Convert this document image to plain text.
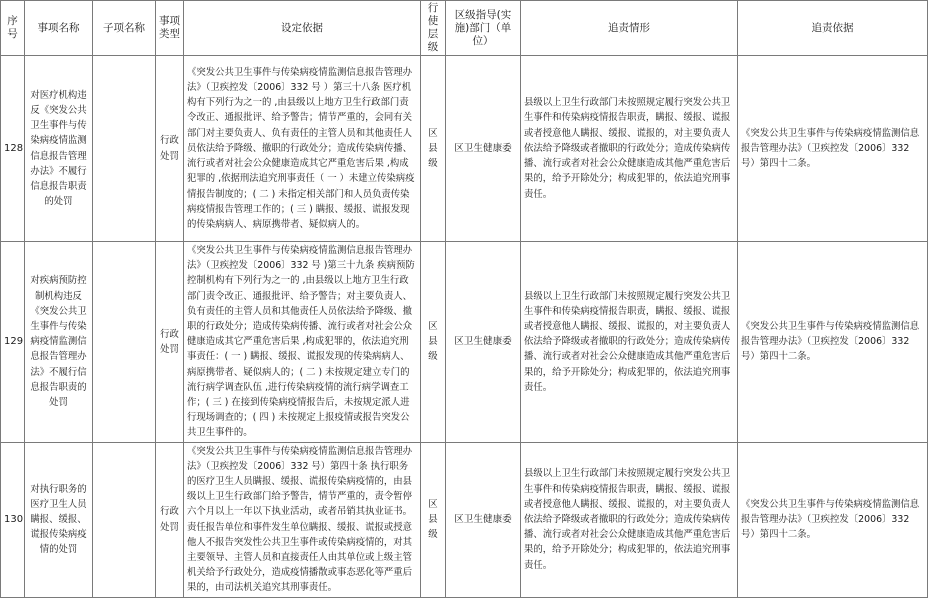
序号	事项名称	子项名称	事项类型	设定依据	行使层级	区级指导(实施)部门（单位）	追责情形	追责依据
128	对医疗机构违反《突发公共卫生事件与传染病疫情监测信息报告管理办法》不履行信息报告职责的处罚		行政处罚	《突发公共卫生事件与传染病疫情监测信息报告管理办法》（卫疾控发〔2006〕332 号 ）第三十八条 医疗机构有下列行为之一的 ,由县级以上地方卫生行政部门责令改正、通报批评、给予警告；情节严重的，会同有关部门对主要负责人、负有责任的主管人员和其他责任人员依法给予降级、撤职的行政处分；造成传染病传播、流行或者对社会公众健康造成其它严重危害后果 ,构成犯罪的 ,依据刑法追究刑事责任（ 一 ）未建立传染病疫情报告制度的；( 二 ) 未指定相关部门和人员负责传染病疫情报告管理工作的；( 三 ) 瞒报、缓报、谎报发现的传染病病人、病原携带者、疑似病人的。	区县级	区卫生健康委	县级以上卫生行政部门未按照规定履行突发公共卫生事件和传染病疫情报告职责，瞒报、缓报、谎报或者授意他人瞒报、缓报、谎报的，对主要负责人依法给予降级或者撤职的行政处分；造成传染病传播、流行或者对社会公众健康造成其他严重危害后果的，给予开除处分；构成犯罪的，依法追究刑事责任。	《突发公共卫生事件与传染病疫情监测信息报告管理办法》（卫疾控发〔2006〕332 号）第四十二条。
129	对疾病预防控制机构违反《突发公共卫生事件与传染病疫情监测信息报告管理办法》不履行信息报告职责的处罚		行政处罚	《突发公共卫生事件与传染病疫情监测信息报告管理办法》（卫疾控发〔2006〕332 号 )第三十九条 疾病预防控制机构有下列行为之一的 ,由县级以上地方卫生行政部门责令改正、通报批评、给予警告；对主要负责人、负有责任的主管人员和其他责任人员依法给予降级、撤职的行政处分；造成传染病传播、流行或者对社会公众健康造成其它严重危害后果 ,构成犯罪的，依法追究刑事责任：( 一 ) 瞒报、缓报、谎报发现的传染病病人、病原携带者、疑似病人的；( 二 ) 未按规定建立专门的流行病学调查队伍 ,进行传染病疫情的流行病学调查工作；( 三 ) 在接到传染病疫情报告后，未按规定派人进行现场调查的；( 四 ) 未按规定上报疫情或报告突发公共卫生事件的。	区县级	区卫生健康委	县级以上卫生行政部门未按照规定履行突发公共卫生事件和传染病疫情报告职责，瞒报、缓报、谎报或者授意他人瞒报、缓报、谎报的，对主要负责人依法给予降级或者撤职的行政处分；造成传染病传播、流行或者对社会公众健康造成其他严重危害后果的，给予开除处分；构成犯罪的，依法追究刑事责任。	《突发公共卫生事件与传染病疫情监测信息报告管理办法》（卫疾控发〔2006〕332 号）第四十二条。
130	对执行职务的医疗卫生人员瞒报、缓报、谎报传染病疫情的处罚		行政处罚	《突发公共卫生事件与传染病疫情监测信息报告管理办法》（卫疾控发〔2006〕332 号）第四十条 执行职务的医疗卫生人员瞒报、缓报、谎报传染病疫情的，由县级以上卫生行政部门给予警告，情节严重的，责令暂停六个月以上一年以下执业活动，或者吊销其执业证书。责任报告单位和事件发生单位瞒报、缓报、谎报或授意他人不报告突发性公共卫生事件或传染病疫情的，对其主要领导、主管人员和直接责任人由其单位或上级主管机关给予行政处分，造成疫情播散或事态恶化等严重后果的，由司法机关追究其刑事责任。	区县级	区卫生健康委	县级以上卫生行政部门未按照规定履行突发公共卫生事件和传染病疫情报告职责，瞒报、缓报、谎报或者授意他人瞒报、缓报、谎报的，对主要负责人依法给予降级或者撤职的行政处分；造成传染病传播、流行或者对社会公众健康造成其他严重危害后果的，给予开除处分；构成犯罪的，依法追究刑事责任。	《突发公共卫生事件与传染病疫情监测信息报告管理办法》（卫疾控发〔2006〕332 号）第四十二条。
